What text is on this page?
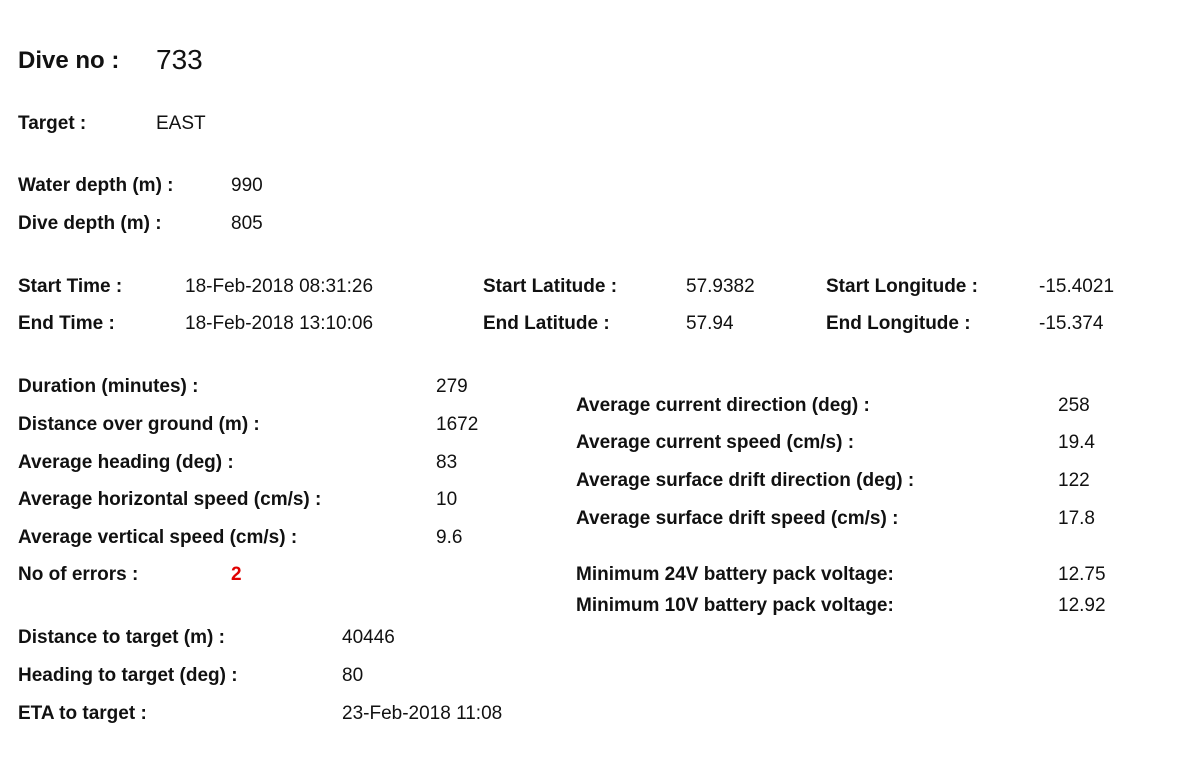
Dive no : 733
Target :	EAST
Water depth (m) :	990
Dive depth (m) :	805
Start Time :	18-Feb-2018 08:31:26
End Time :	18-Feb-2018 13:10:06
Start Latitude :	57.9382
End Latitude :	57.94
Start Longitude :	-15.4021
End Longitude :	-15.374
Duration (minutes) :	279
Distance over ground (m) :	1672
Average heading (deg) :	83
Average horizontal speed (cm/s) :	10
Average vertical speed (cm/s) :	9.6
No of errors :	2
Average current direction (deg) :	258
Average current speed (cm/s) :	19.4
Average surface drift direction (deg) :	122
Average surface drift speed (cm/s) :	17.8
Minimum 24V battery pack voltage:	12.75
Minimum 10V battery pack voltage:	12.92
Distance to target (m) :	40446
Heading to target (deg) :	80
ETA to target :	23-Feb-2018 11:08
